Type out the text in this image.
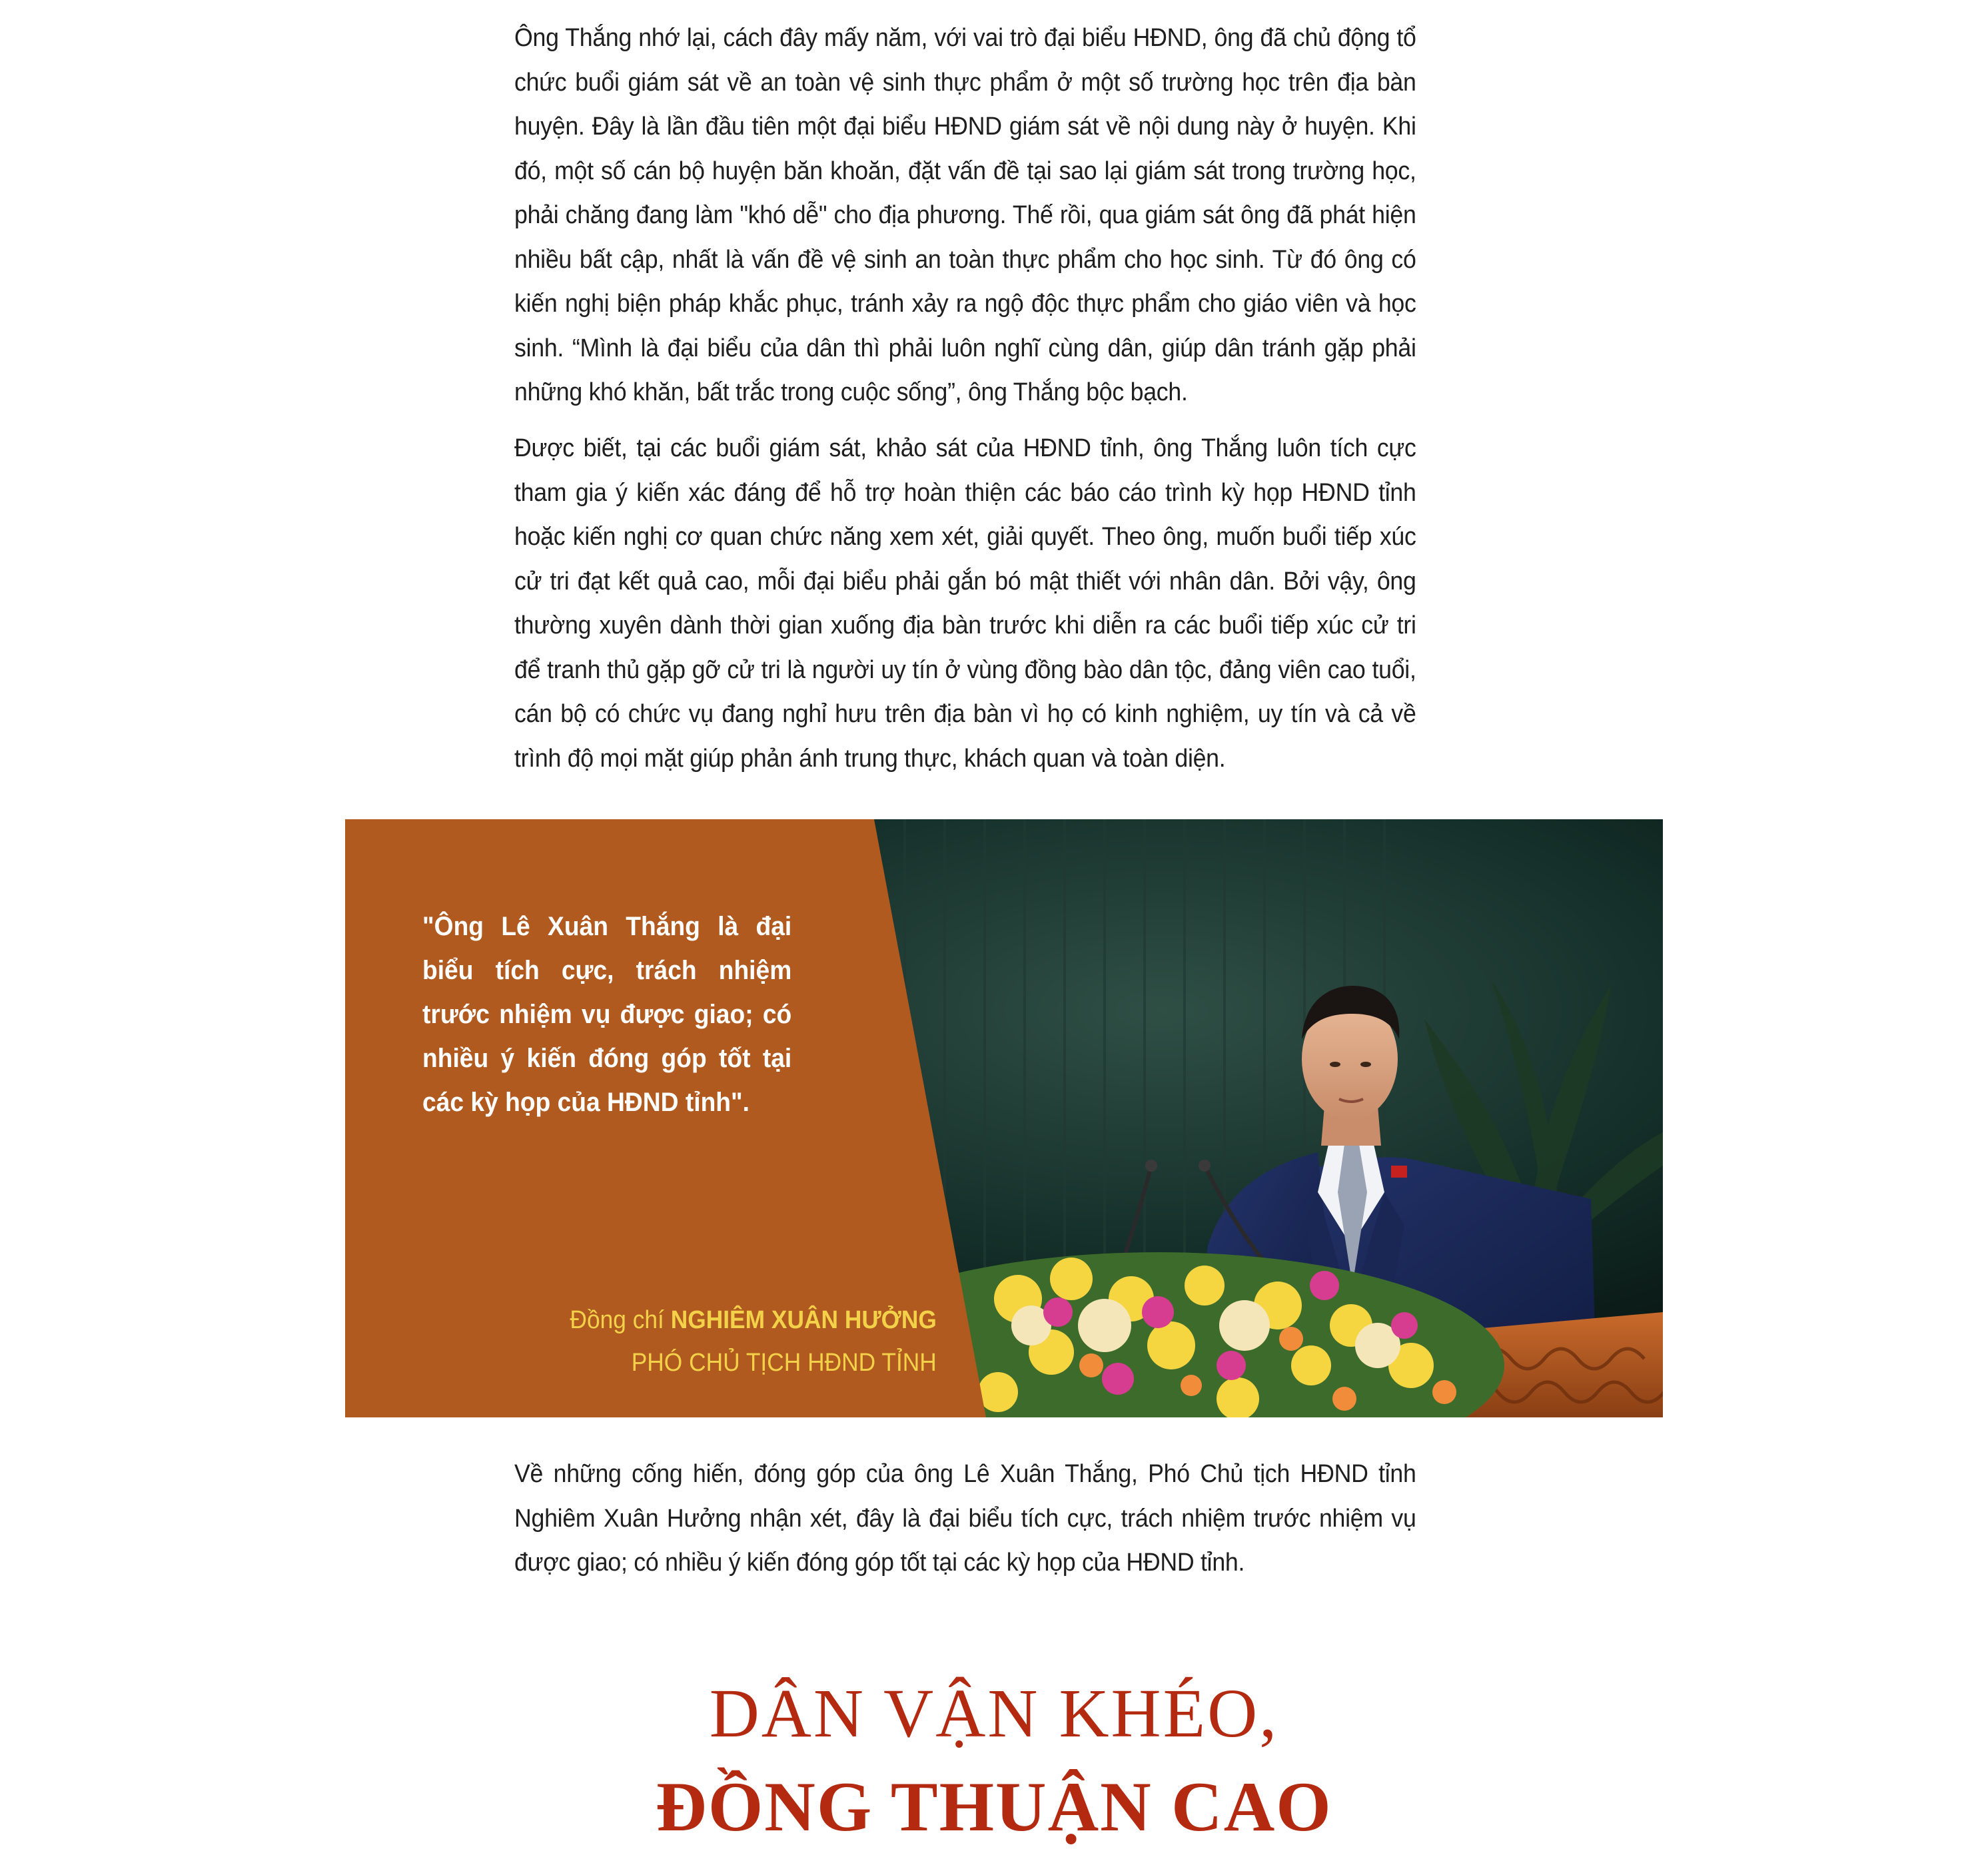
Ông Thắng nhớ lại, cách đây mấy năm, với vai trò đại biểu HĐND, ông đã chủ động tổ chức buổi giám sát về an toàn vệ sinh thực phẩm ở một số trường học trên địa bàn huyện. Đây là lần đầu tiên một đại biểu HĐND giám sát về nội dung này ở huyện. Khi đó, một số cán bộ huyện băn khoăn, đặt vấn đề tại sao lại giám sát trong trường học, phải chăng đang làm "khó dễ" cho địa phương. Thế rồi, qua giám sát ông đã phát hiện nhiều bất cập, nhất là vấn đề vệ sinh an toàn thực phẩm cho học sinh. Từ đó ông có kiến nghị biện pháp khắc phục, tránh xảy ra ngộ độc thực phẩm cho giáo viên và học sinh. “Mình là đại biểu của dân thì phải luôn nghĩ cùng dân, giúp dân tránh gặp phải những khó khăn, bất trắc trong cuộc sống”, ông Thắng bộc bạch.

Được biết, tại các buổi giám sát, khảo sát của HĐND tỉnh, ông Thắng luôn tích cực tham gia ý kiến xác đáng để hỗ trợ hoàn thiện các báo cáo trình kỳ họp HĐND tỉnh hoặc kiến nghị cơ quan chức năng xem xét, giải quyết. Theo ông, muốn buổi tiếp xúc cử tri đạt kết quả cao, mỗi đại biểu phải gắn bó mật thiết với nhân dân. Bởi vậy, ông thường xuyên dành thời gian xuống địa bàn trước khi diễn ra các buổi tiếp xúc cử tri để tranh thủ gặp gỡ cử tri là người uy tín ở vùng đồng bào dân tộc, đảng viên cao tuổi, cán bộ có chức vụ đang nghỉ hưu trên địa bàn vì họ có kinh nghiệm, uy tín và cả về trình độ mọi mặt giúp phản ánh trung thực, khách quan và toàn diện.

"Ông Lê Xuân Thắng là đại biểu tích cực, trách nhiệm trước nhiệm vụ được giao; có nhiều ý kiến đóng góp tốt tại các kỳ họp của HĐND tỉnh".
Đồng chí NGHIÊM XUÂN HƯỞNG
PHÓ CHỦ TỊCH HĐND TỈNH

Về những cống hiến, đóng góp của ông Lê Xuân Thắng, Phó Chủ tịch HĐND tỉnh Nghiêm Xuân Hưởng nhận xét, đây là đại biểu tích cực, trách nhiệm trước nhiệm vụ được giao; có nhiều ý kiến đóng góp tốt tại các kỳ họp của HĐND tỉnh.

DÂN VẬN KHÉO,
ĐỒNG THUẬN CAO
